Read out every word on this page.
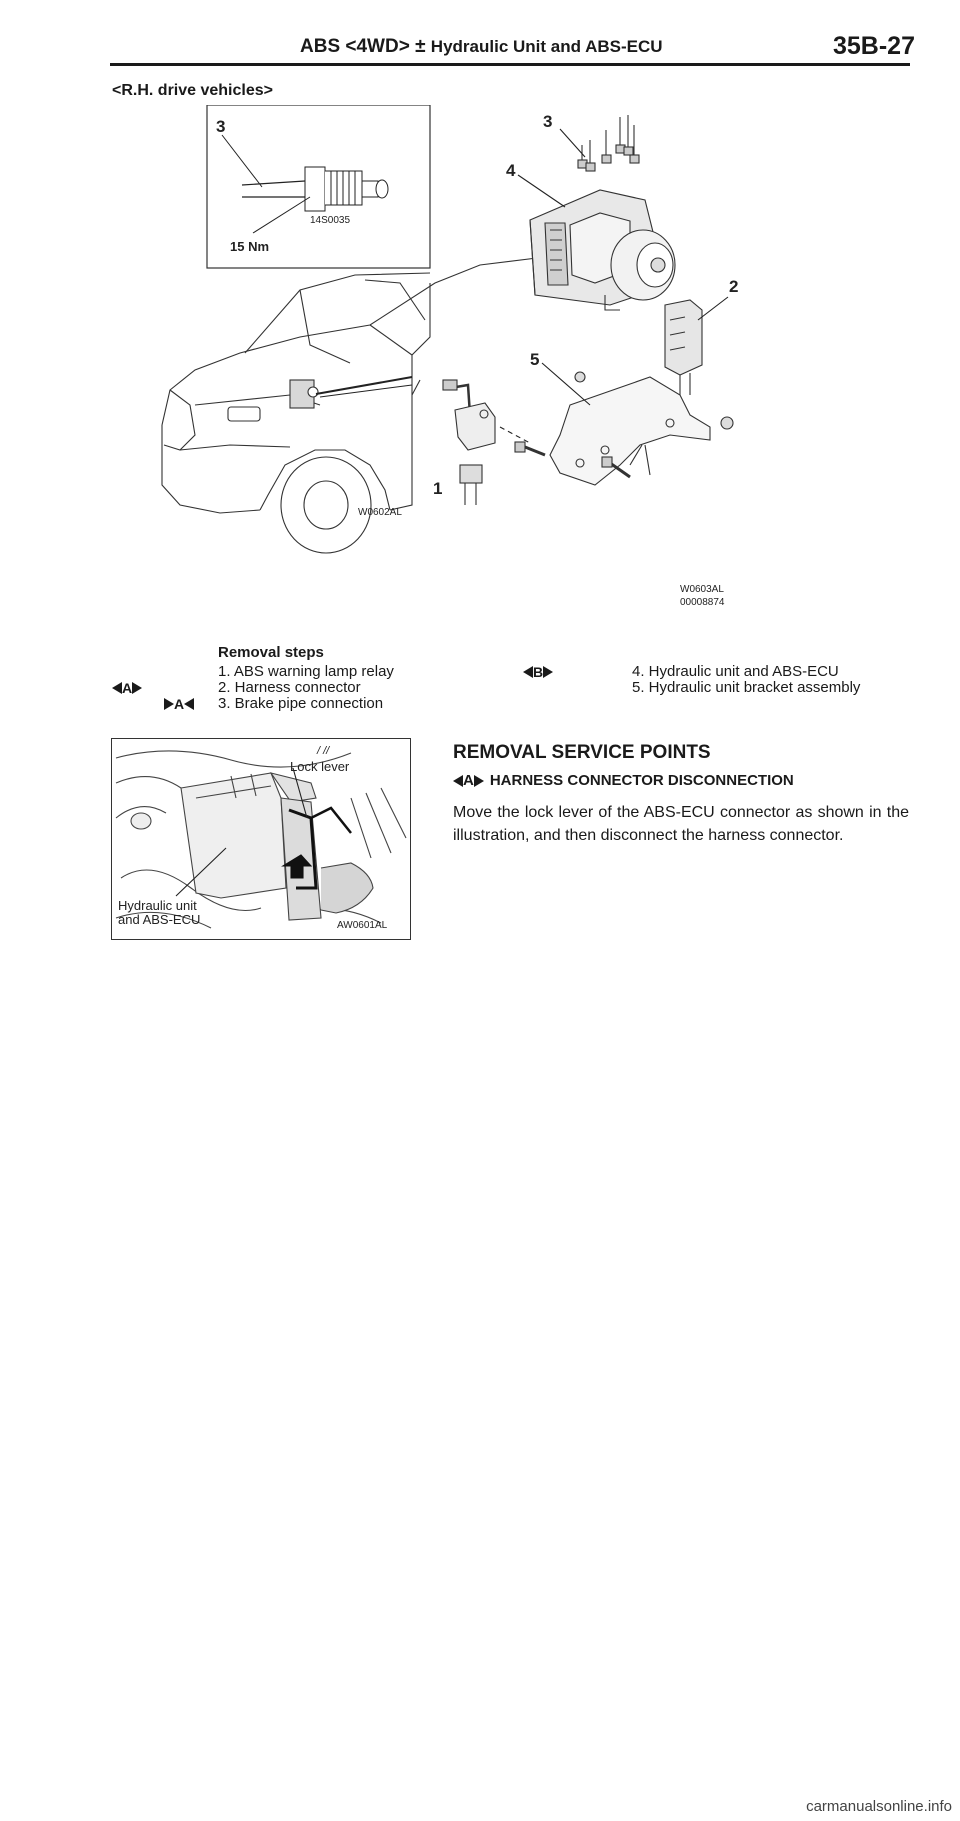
ABS <4WD> ± Hydraulic Unit and ABS-ECU	35B-27
<R.H. drive vehicles>
3
15 Nm
14S0035
W0602AL
3
4
2
5
1
W0603AL
00008874
Removal steps
1. ABS warning lamp relay
2. Harness connector
3. Brake pipe connection
4. Hydraulic unit and ABS-ECU
5. Hydraulic unit bracket assembly
A
A
B
/ //
Lock lever
Hydraulic unit
and ABS-ECU	AW0601AL
REMOVAL SERVICE POINTS
A HARNESS CONNECTOR DISCONNECTION
Move the lock lever of the ABS-ECU connector as shown in the illustration, and then disconnect the harness connector.
carmanualsonline.info
